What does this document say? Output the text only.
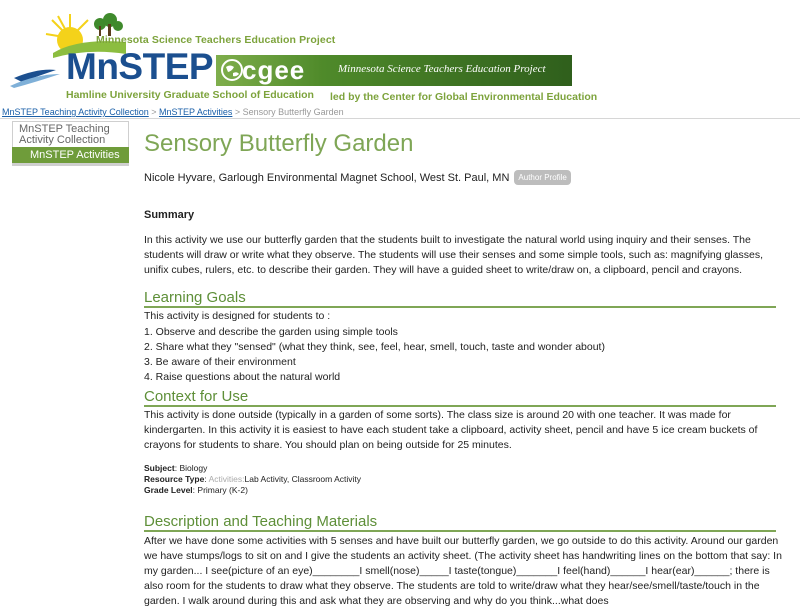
Minnesota Science Teachers Education Project
MnSTEP
Hamline University Graduate School of Education
cgee	Minnesota Science Teachers Education Project
led by the Center for Global Environmental Education
MnSTEP Teaching Activity Collection > MnSTEP Activities > Sensory Butterfly Garden
MnSTEP Teaching Activity Collection
MnSTEP Activities	Sensory Butterfly Garden
Nicole Hyvare, Garlough Environmental Magnet School, West St. Paul, MN	Author Profile
Summary

In this activity we use our butterfly garden that the students built to investigate the natural world using inquiry and their senses. The students will draw or write what they observe. The students will use their senses and some simple tools, such as: magnifying glasses, unifix cubes, rulers, etc. to describe their garden. They will have a guided sheet to write/draw on, a clipboard, pencil and crayons.

Learning Goals
This activity is designed for students to :
1. Observe and describe the garden using simple tools
2. Share what they "sensed" (what they think, see, feel, hear, smell, touch, taste and wonder about)
3. Be aware of their environment
4. Raise questions about the natural world
Context for Use

This activity is done outside (typically in a garden of some sorts). The class size is around 20 with one teacher. It was made for kindergarten. In this activity it is easiest to have each student take a clipboard, activity sheet, pencil and have 5 ice cream buckets of crayons for students to share. You should plan on being outside for 25 minutes.

Subject: Biology
Resource Type: Activities:Lab Activity, Classroom Activity
Grade Level: Primary (K-2)
Description and Teaching Materials

After we have done some activities with 5 senses and have built our butterfly garden, we go outside to do this activity. Around our garden we have stumps/logs to sit on and I give the students an activity sheet. (The activity sheet has handwriting lines on the bottom that say: In my garden... I see(picture of an eye)________I smell(nose)_____I taste(tongue)_______I feel(hand)______I hear(ear)______; there is also room for the students to draw what they observe. The students are told to write/draw what they hear/see/smell/taste/touch in the garden. I walk around during this and ask what they are observing and why do you think...what does
